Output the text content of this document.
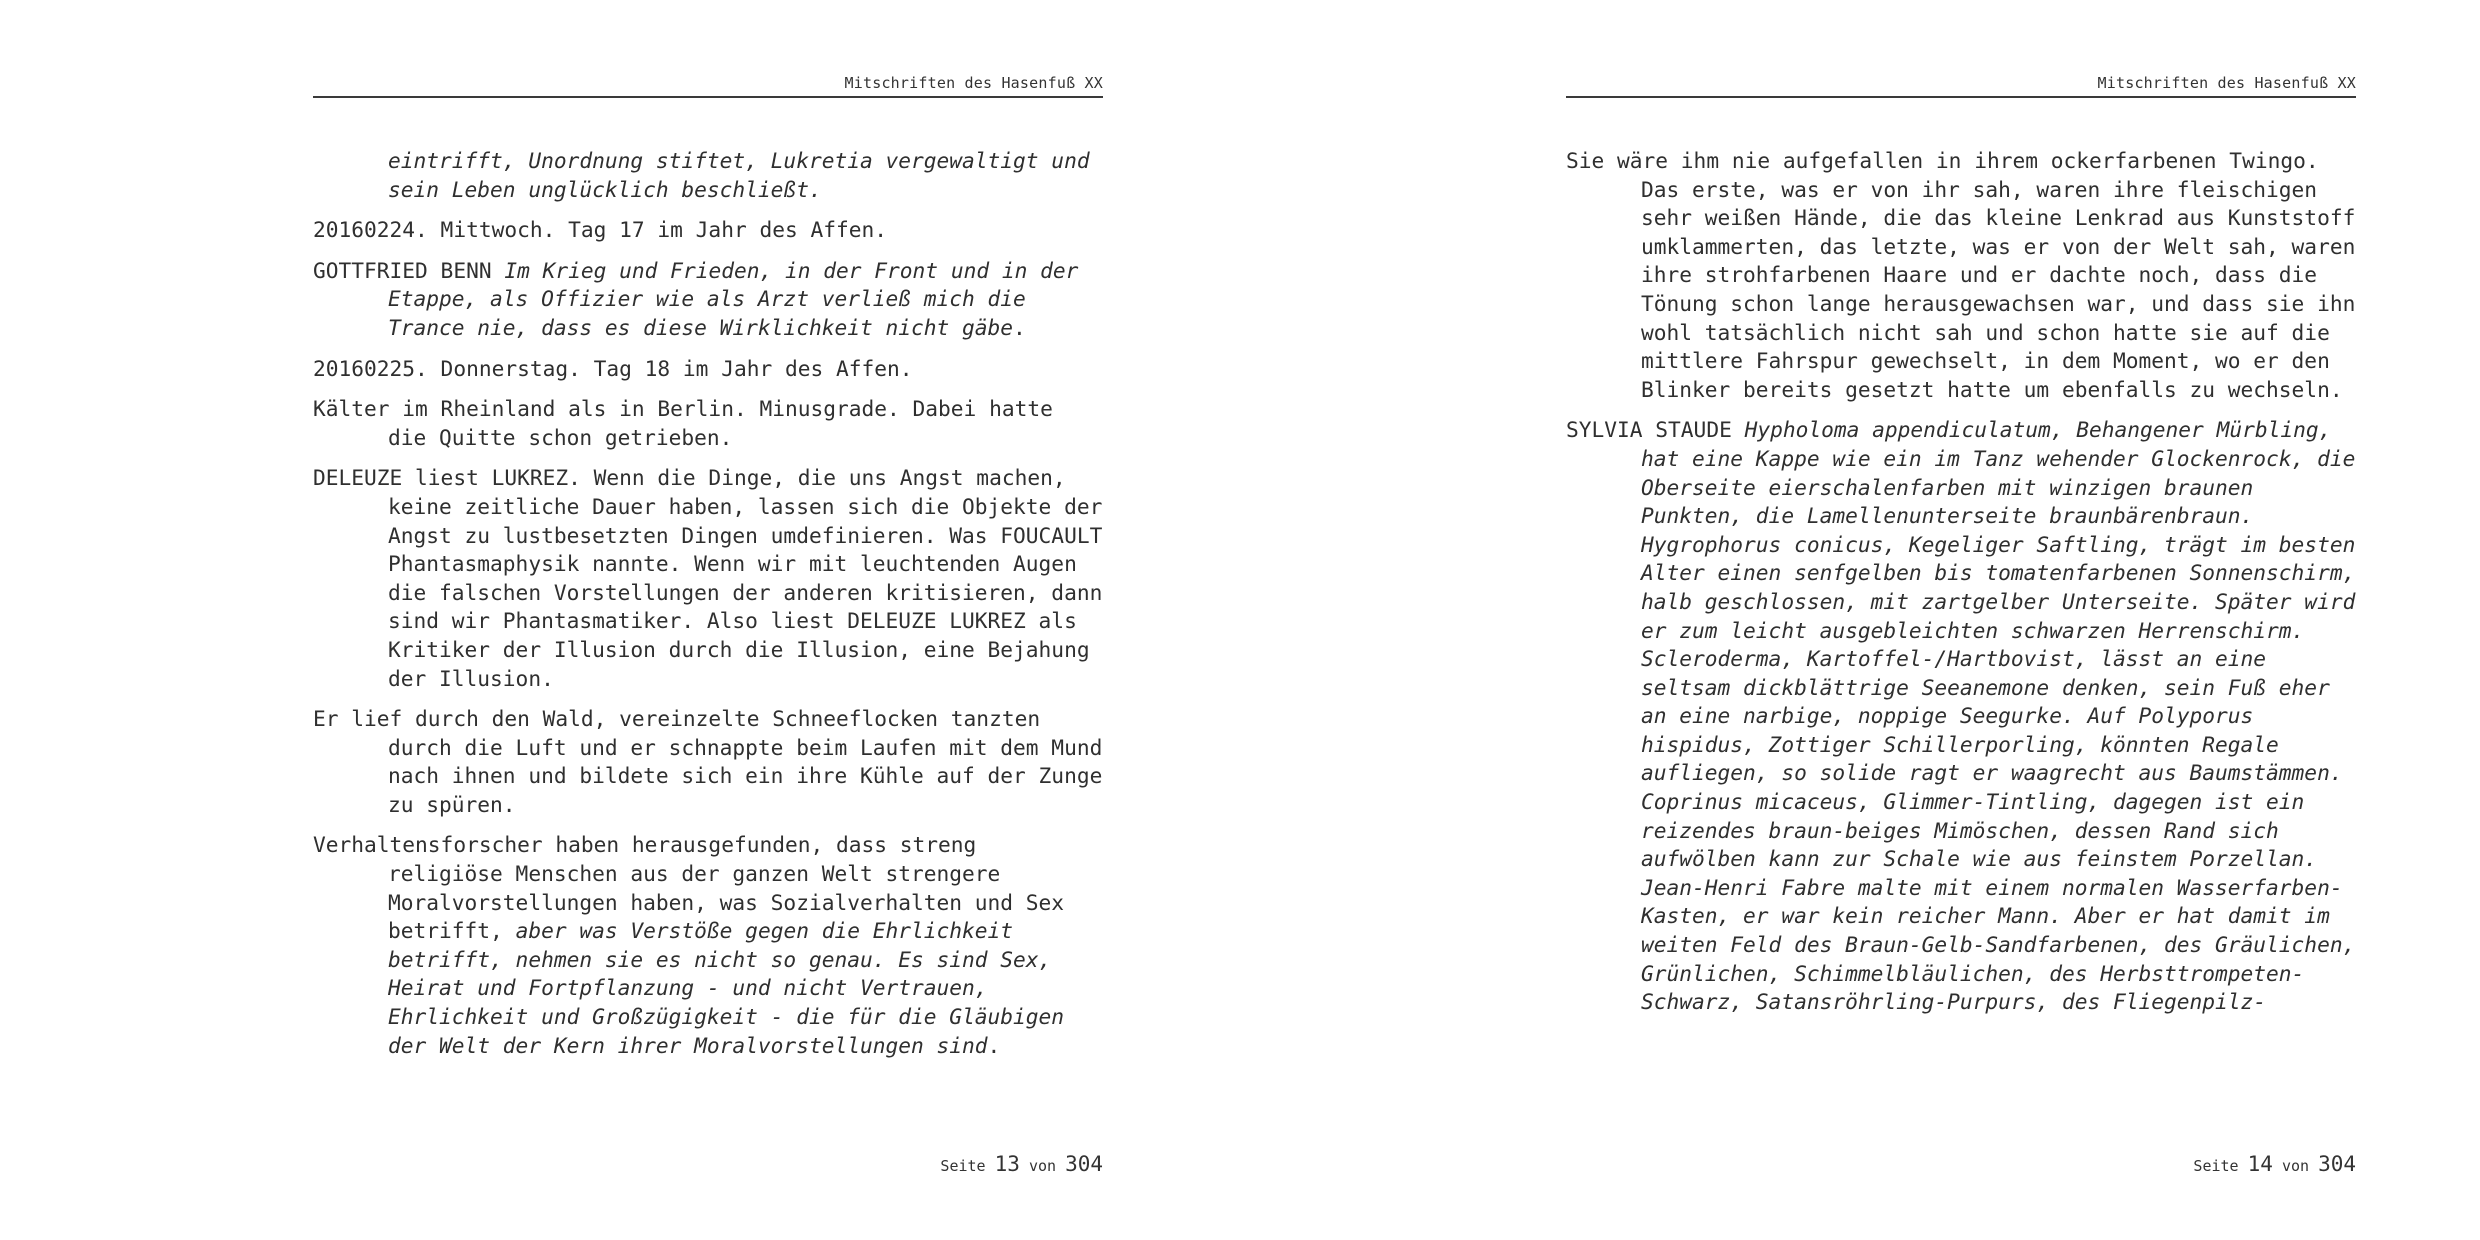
Mitschriften des Hasenfuß XX

eintrifft, Unordnung stiftet, Lukretia vergewaltigt und sein Leben unglücklich beschließt.

20160224. Mittwoch. Tag 17 im Jahr des Affen.

GOTTFRIED BENN Im Krieg und Frieden, in der Front und in der Etappe, als Offizier wie als Arzt verließ mich die Trance nie, dass es diese Wirklichkeit nicht gäbe.

20160225. Donnerstag. Tag 18 im Jahr des Affen.

Kälter im Rheinland als in Berlin. Minusgrade. Dabei hatte die Quitte schon getrieben.

DELEUZE liest LUKREZ. Wenn die Dinge, die uns Angst machen, keine zeitliche Dauer haben, lassen sich die Objekte der Angst zu lustbesetzten Dingen umdefinieren. Was FOUCAULT Phantasmaphysik nannte. Wenn wir mit leuchtenden Augen die falschen Vorstellungen der anderen kritisieren, dann sind wir Phantasmatiker. Also liest DELEUZE LUKREZ als Kritiker der Illusion durch die Illusion, eine Bejahung der Illusion.

Er lief durch den Wald, vereinzelte Schneeflocken tanzten durch die Luft und er schnappte beim Laufen mit dem Mund nach ihnen und bildete sich ein ihre Kühle auf der Zunge zu spüren.

Verhaltensforscher haben herausgefunden, dass streng religiöse Menschen aus der ganzen Welt strengere Moralvorstellungen haben, was Sozialverhalten und Sex betrifft, aber was Verstöße gegen die Ehrlichkeit betrifft, nehmen sie es nicht so genau. Es sind Sex, Heirat und Fortpflanzung - und nicht Vertrauen, Ehrlichkeit und Großzügigkeit - die für die Gläubigen der Welt der Kern ihrer Moralvorstellungen sind.

Seite 13 von 304
Mitschriften des Hasenfuß XX

Sie wäre ihm nie aufgefallen in ihrem ockerfarbenen Twingo. Das erste, was er von ihr sah, waren ihre fleischigen sehr weißen Hände, die das kleine Lenkrad aus Kunststoff umklammerten, das letzte, was er von der Welt sah, waren ihre strohfarbenen Haare und er dachte noch, dass die Tönung schon lange herausgewachsen war, und dass sie ihn wohl tatsächlich nicht sah und schon hatte sie auf die mittlere Fahrspur gewechselt, in dem Moment, wo er den Blinker bereits gesetzt hatte um ebenfalls zu wechseln.

SYLVIA STAUDE Hypholoma appendiculatum, Behangener Mürbling, hat eine Kappe wie ein im Tanz wehender Glockenrock, die Oberseite eierschalenfarben mit winzigen braunen Punkten, die Lamellenunterseite braunbärenbraun. Hygrophorus conicus, Kegeliger Saftling, trägt im besten Alter einen senfgelben bis tomatenfarbenen Sonnenschirm, halb geschlossen, mit zartgelber Unterseite. Später wird er zum leicht ausgebleichten schwarzen Herrenschirm. Scleroderma, Kartoffel-/Hartbovist, lässt an eine seltsam dickblättrige Seeanemone denken, sein Fuß eher an eine narbige, noppige Seegurke. Auf Polyporus hispidus, Zottiger Schillerporling, könnten Regale aufliegen, so solide ragt er waagrecht aus Baumstämmen. Coprinus micaceus, Glimmer-Tintling, dagegen ist ein reizendes braun-beiges Mimöschen, dessen Rand sich aufwölben kann zur Schale wie aus feinstem Porzellan. Jean-Henri Fabre malte mit einem normalen Wasserfarben-Kasten, er war kein reicher Mann. Aber er hat damit im weiten Feld des Braun-Gelb-Sandfarbenen, des Gräulichen, Grünlichen, Schimmelbläulichen, des Herbsttrompeten-Schwarz, Satansröhrling-Purpurs, des Fliegenpilz-

Seite 14 von 304
